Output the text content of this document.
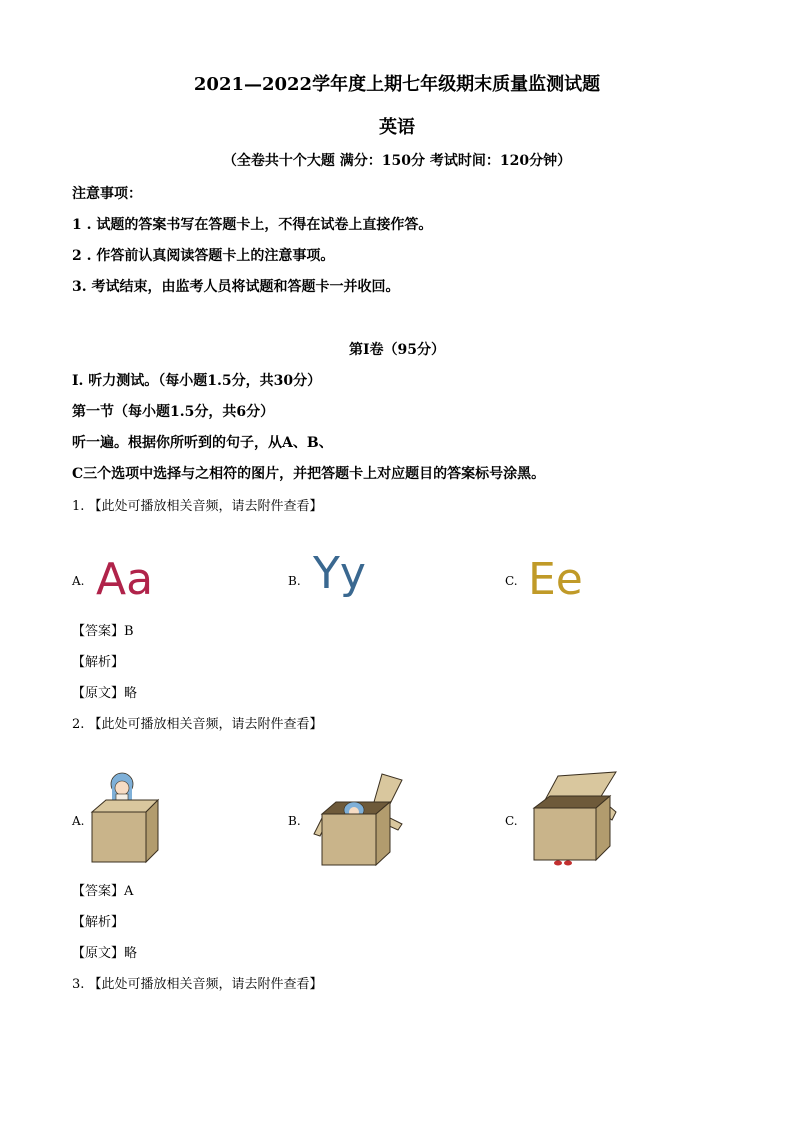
2021—2022学年度上期七年级期末质量监测试题
英语
（全卷共十个大题 满分：150分 考试时间：120分钟）
注意事项：
1 . 试题的答案书写在答题卡上，不得在试卷上直接作答。
2 . 作答前认真阅读答题卡上的注意事项。
3. 考试结束，由监考人员将试题和答题卡一并收回。
第I卷（95分）
I. 听力测试。（每小题1.5分，共30分）
第一节（每小题1.5分，共6分）
听一遍。根据你所听到的句子，从A、B、
C三个选项中选择与之相符的图片，并把答题卡上对应题目的答案标号涂黑。
1. 【此处可播放相关音频，请去附件查看】
A. Aa	B. Yy	C. Ee
【答案】B
【解析】
【原文】略
2. 【此处可播放相关音频，请去附件查看】
A.	B.	C.
【答案】A
【解析】
【原文】略
3. 【此处可播放相关音频，请去附件查看】
